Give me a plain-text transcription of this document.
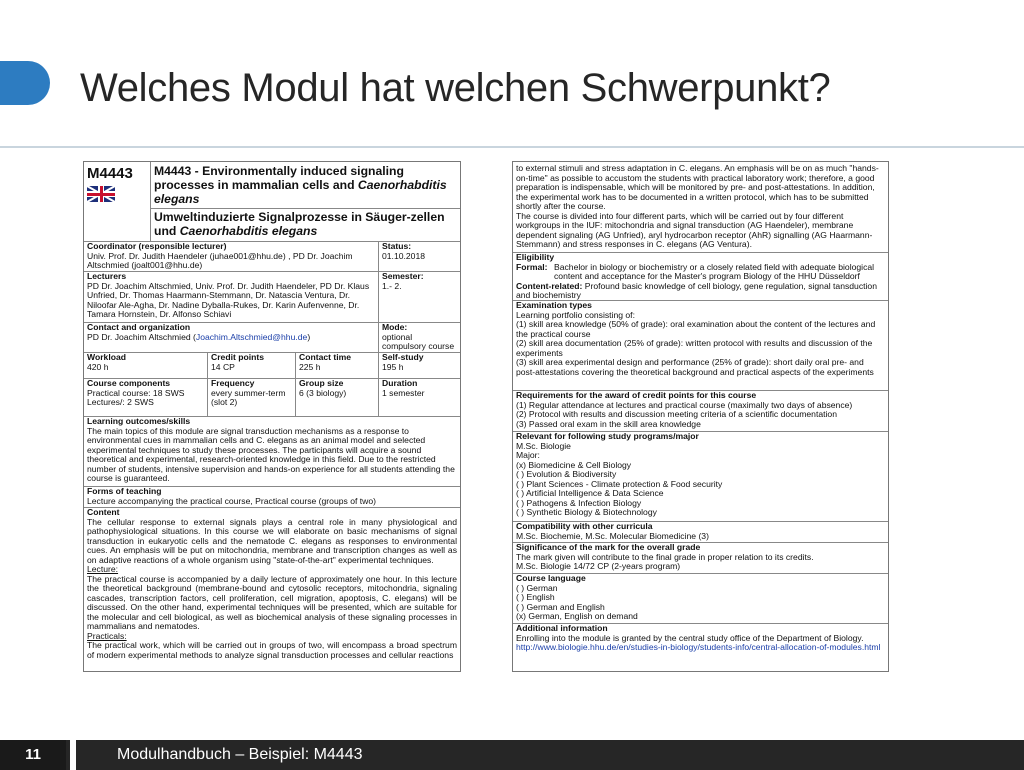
Welches Modul hat welchen Schwerpunkt?
M4443	M4443 - Environmentally induced signaling processes in mammalian cells and Caenorhabditis elegans
Umweltinduzierte Signalprozesse in Säuger-zellen und Caenorhabditis elegans
Coordinator (responsible lecturer)
Univ. Prof. Dr. Judith Haendeler (juhae001@hhu.de) , PD Dr. Joachim Altschmied (joalt001@hhu.de)
Status:
01.10.2018
Lecturers
PD Dr. Joachim Altschmied, Univ. Prof. Dr. Judith Haendeler, PD Dr. Klaus Unfried, Dr. Thomas Haarmann-Stemmann, Dr. Natascia Ventura, Dr. Niloofar Ale-Agha, Dr. Nadine Dyballa-Rukes, Dr. Karin Aufenvenne, Dr. Tamara Hornstein, Dr. Alfonso Schiavi
Semester:
1.- 2.
Contact and organization
PD Dr. Joachim Altschmied (Joachim.Altschmied@hhu.de)
Mode:
optional compulsory course
Workload
420 h
Credit points
14 CP
Contact time
225 h
Self-study
195 h
Course components
Practical course: 18 SWS
Lectures/: 2 SWS
Frequency
every summer-term (slot 2)
Group size
6 (3 biology)
Duration
1 semester
Learning outcomes/skills
The main topics of this module are signal transduction mechanisms as a response to environmental cues in mammalian cells and C. elegans as an animal model and selected experimental techniques to study these processes. The participants will acquire a sound theoretical and experimental, research-oriented knowledge in this field. Due to the restricted number of students, intensive supervision and hands-on experience for all students attending the course is guaranteed.
Forms of teaching
Lecture accompanying the practical course, Practical course (groups of two)
Content
The cellular response to external signals plays a central role in many physiological and pathophysiological situations. In this course we will elaborate on basic mechanisms of signal transduction in eukaryotic cells and the nematode C. elegans as responses to environmental cues. An emphasis will be put on mitochondria, membrane and transcription changes as well as on adaptive reactions of a whole organism using "state-of-the-art" experimental techniques.
Lecture:
The practical course is accompanied by a daily lecture of approximately one hour. In this lecture the theoretical background (membrane-bound and cytosolic receptors, mitochondria, signaling cascades, transcription factors, cell proliferation, cell migration, apoptosis, C. elegans) will be discussed. On the other hand, experimental techniques will be presented, which are suitable for the molecular and cell biological, as well as biochemical analysis of these signaling processes in mammalians and nematodes.
Practicals:
The practical work, which will be carried out in groups of two, will encompass a broad spectrum of modern experimental methods to analyze signal transduction processes and cellular reactions
to external stimuli and stress adaptation in C. elegans. An emphasis will be on as much "hands-on-time" as possible to accustom the students with practical laboratory work; therefore, a good preparation is indispensable, which will be monitored by pre- and post-attestations. In addition, the experimental work has to be documented in a written protocol, which has to be submitted shortly after the course.
The course is divided into four different parts, which will be carried out by four different workgroups in the IUF: mitochondria and signal transduction (AG Haendeler), membrane dependent signaling (AG Unfried), aryl hydrocarbon receptor (AhR) signalling (AG Haarmann-Stemmann) and stress responses in C. elegans (AG Ventura).
Eligibility
Formal: Bachelor in biology or biochemistry or a closely related field with adequate biological content and acceptance for the Master's program Biology of the HHU Düsseldorf
Content-related: Profound basic knowledge of cell biology, gene regulation, signal tansduction and biochemistry
Examination types
Learning portfolio consisting of:
(1) skill area knowledge (50% of grade): oral examination about the content of the lectures and the practical course
(2) skill area documentation (25% of grade): written protocol with results and discussion of the experiments
(3) skill area experimental design and performance (25% of grade): short daily oral pre- and post-attestations covering the theoretical background and practical aspects of the experiments
Requirements for the award of credit points for this course
(1) Regular attendance at lectures and practical course (maximally two days of absence)
(2) Protocol with results and discussion meeting criteria of a scientific documentation
(3) Passed oral exam in the skill area knowledge
Relevant for following study programs/major
M.Sc. Biologie
Major:
(x) Biomedicine & Cell Biology
( ) Evolution & Biodiversity
( ) Plant Sciences - Climate protection & Food security
( ) Artificial Intelligence & Data Science
( ) Pathogens & Infection Biology
( ) Synthetic Biology & Biotechnology
Compatibility with other curricula
M.Sc. Biochemie, M.Sc. Molecular Biomedicine (3)
Significance of the mark for the overall grade
The mark given will contribute to the final grade in proper relation to its credits.
M.Sc. Biologie 14/72 CP (2-years program)
Course language
( ) German
( ) English
( ) German and English
(x) German, English on demand
Additional information
Enrolling into the module is granted by the central study office of the Department of Biology.
http://www.biologie.hhu.de/en/studies-in-biology/students-info/central-allocation-of-modules.html
11	Modulhandbuch – Beispiel: M4443
